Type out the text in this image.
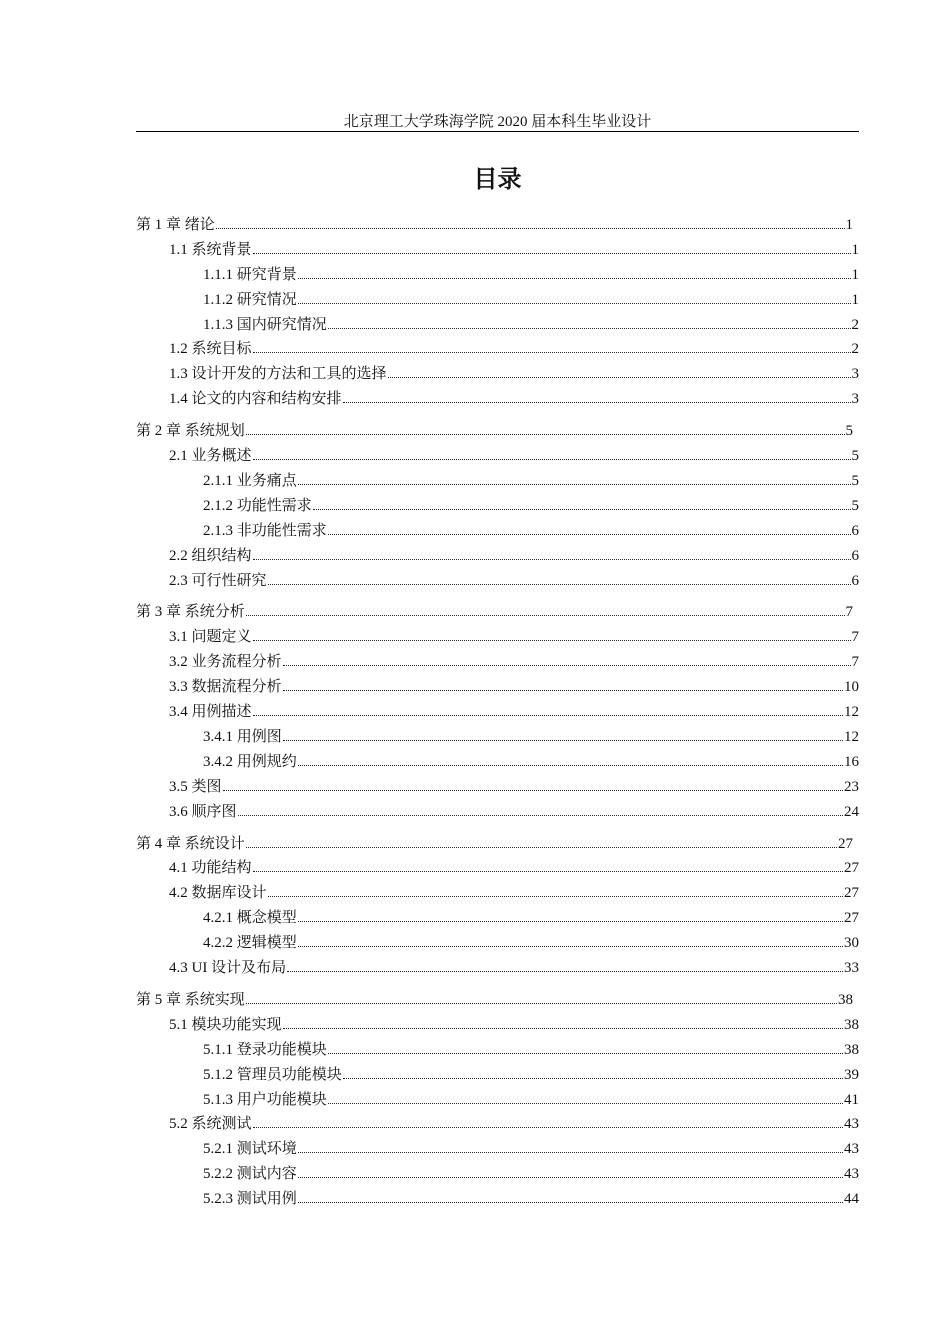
北京理工大学珠海学院 2020 届本科生毕业设计
目录
第 1 章 绪论	1
1.1 系统背景	1
1.1.1 研究背景	1
1.1.2 研究情况	1
1.1.3 国内研究情况	2
1.2 系统目标	2
1.3 设计开发的方法和工具的选择	3
1.4 论文的内容和结构安排	3
第 2 章 系统规划	5
2.1 业务概述	5
2.1.1 业务痛点	5
2.1.2 功能性需求	5
2.1.3 非功能性需求	6
2.2 组织结构	6
2.3 可行性研究	6
第 3 章 系统分析	7
3.1 问题定义	7
3.2 业务流程分析	7
3.3 数据流程分析	10
3.4 用例描述	12
3.4.1 用例图	12
3.4.2 用例规约	16
3.5 类图	23
3.6 顺序图	24
第 4 章 系统设计	27
4.1 功能结构	27
4.2 数据库设计	27
4.2.1 概念模型	27
4.2.2 逻辑模型	30
4.3 UI 设计及布局	33
第 5 章 系统实现	38
5.1 模块功能实现	38
5.1.1 登录功能模块	38
5.1.2 管理员功能模块	39
5.1.3 用户功能模块	41
5.2 系统测试	43
5.2.1 测试环境	43
5.2.2 测试内容	43
5.2.3 测试用例	44
